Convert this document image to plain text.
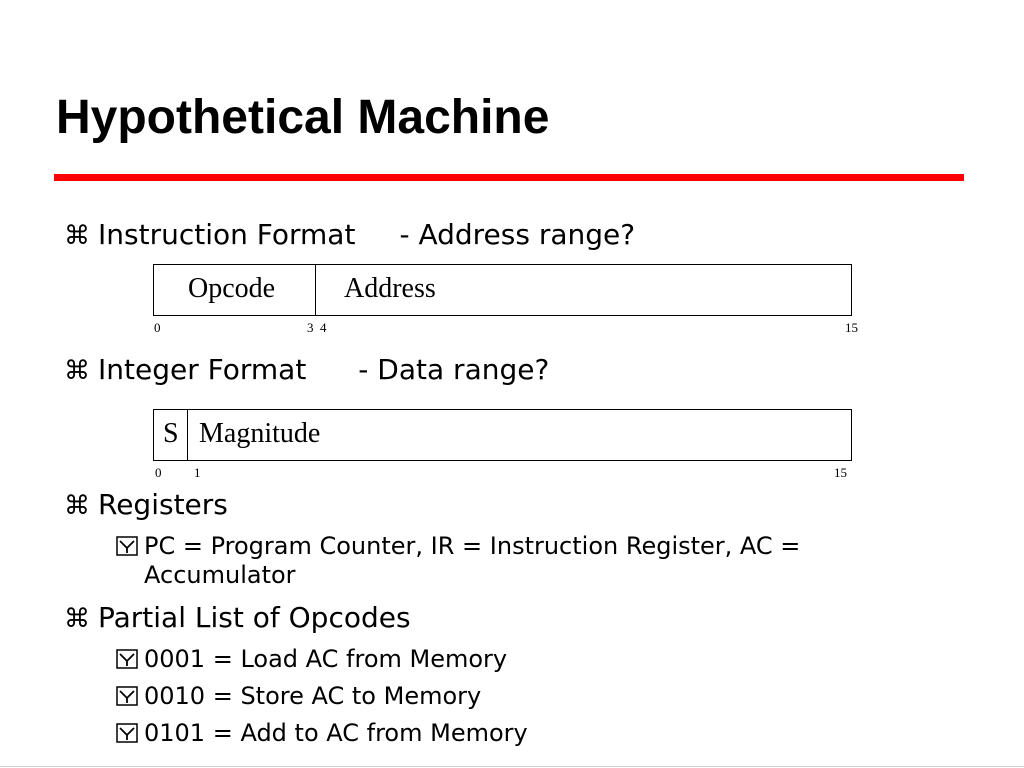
Hypothetical Machine
⌘ Instruction Format - Address range?
Opcode Address
0	3 4	15
⌘ Integer Format - Data range?
S Magnitude
0	1	15
⌘ Registers
PC = Program Counter, IR = Instruction Register, AC = Accumulator
⌘ Partial List of Opcodes
0001 = Load AC from Memory
0010 = Store AC to Memory
0101 = Add to AC from Memory
